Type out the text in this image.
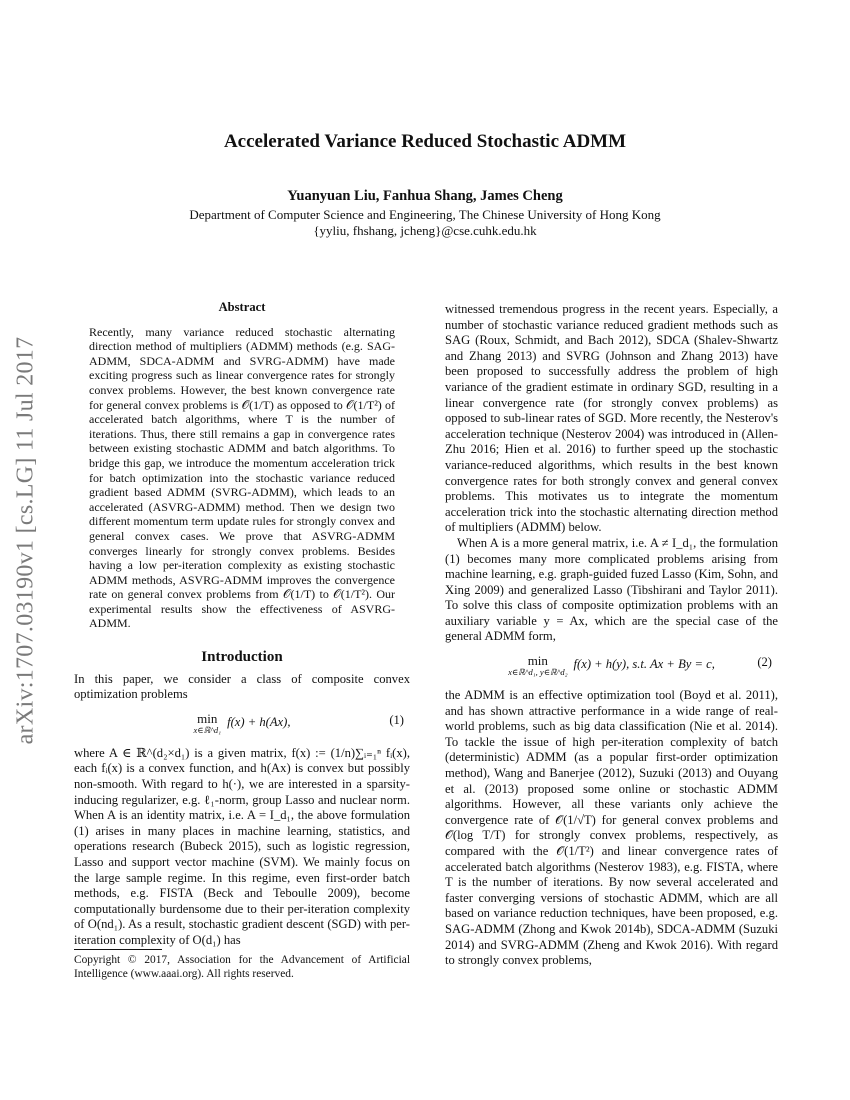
arXiv:1707.03190v1 [cs.LG] 11 Jul 2017
Accelerated Variance Reduced Stochastic ADMM
Yuanyuan Liu, Fanhua Shang, James Cheng
Department of Computer Science and Engineering, The Chinese University of Hong Kong
{yyliu, fhshang, jcheng}@cse.cuhk.edu.hk
Abstract

Recently, many variance reduced stochastic alternating direction method of multipliers (ADMM) methods (e.g. SAG-ADMM, SDCA-ADMM and SVRG-ADMM) have made exciting progress such as linear convergence rates for strongly convex problems. However, the best known convergence rate for general convex problems is 𝒪(1/T) as opposed to 𝒪(1/T²) of accelerated batch algorithms, where T is the number of iterations. Thus, there still remains a gap in convergence rates between existing stochastic ADMM and batch algorithms. To bridge this gap, we introduce the momentum acceleration trick for batch optimization into the stochastic variance reduced gradient based ADMM (SVRG-ADMM), which leads to an accelerated (ASVRG-ADMM) method. Then we design two different momentum term update rules for strongly convex and general convex cases. We prove that ASVRG-ADMM converges linearly for strongly convex problems. Besides having a low per-iteration complexity as existing stochastic ADMM methods, ASVRG-ADMM improves the convergence rate on general convex problems from 𝒪(1/T) to 𝒪(1/T²). Our experimental results show the effectiveness of ASVRG-ADMM.

Introduction

In this paper, we consider a class of composite convex optimization problems

min
x∈ℝ^d₁
f(x) + h(Ax),	(1)

where A ∈ ℝ^(d₂×d₁) is a given matrix, f(x) := (1/n)∑ᵢ₌₁ⁿ fᵢ(x), each fᵢ(x) is a convex function, and h(Ax) is convex but possibly non-smooth. With regard to h(·), we are interested in a sparsity-inducing regularizer, e.g. ℓ₁-norm, group Lasso and nuclear norm. When A is an identity matrix, i.e. A = I_d₁, the above formulation (1) arises in many places in machine learning, statistics, and operations research (Bubeck 2015), such as logistic regression, Lasso and support vector machine (SVM). We mainly focus on the large sample regime. In this regime, even first-order batch methods, e.g. FISTA (Beck and Teboulle 2009), become computationally burdensome due to their per-iteration complexity of O(nd₁). As a result, stochastic gradient descent (SGD) with per-iteration complexity of O(d₁) has

Copyright © 2017, Association for the Advancement of Artificial Intelligence (www.aaai.org). All rights reserved.

witnessed tremendous progress in the recent years. Especially, a number of stochastic variance reduced gradient methods such as SAG (Roux, Schmidt, and Bach 2012), SDCA (Shalev-Shwartz and Zhang 2013) and SVRG (Johnson and Zhang 2013) have been proposed to successfully address the problem of high variance of the gradient estimate in ordinary SGD, resulting in a linear convergence rate (for strongly convex problems) as opposed to sub-linear rates of SGD. More recently, the Nesterov's acceleration technique (Nesterov 2004) was introduced in (Allen-Zhu 2016; Hien et al. 2016) to further speed up the stochastic variance-reduced algorithms, which results in the best known convergence rates for both strongly convex and general convex problems. This motivates us to integrate the momentum acceleration trick into the stochastic alternating direction method of multipliers (ADMM) below.

When A is a more general matrix, i.e. A ≠ I_d₁, the formulation (1) becomes many more complicated problems arising from machine learning, e.g. graph-guided fuzed Lasso (Kim, Sohn, and Xing 2009) and generalized Lasso (Tibshirani and Taylor 2011). To solve this class of composite optimization problems with an auxiliary variable y = Ax, which are the special case of the general ADMM form,

min
x∈ℝ^d₁, y∈ℝ^d₂
f(x) + h(y), s.t. Ax + By = c,	(2)

the ADMM is an effective optimization tool (Boyd et al. 2011), and has shown attractive performance in a wide range of real-world problems, such as big data classification (Nie et al. 2014). To tackle the issue of high per-iteration complexity of batch (deterministic) ADMM (as a popular first-order optimization method), Wang and Banerjee (2012), Suzuki (2013) and Ouyang et al. (2013) proposed some online or stochastic ADMM algorithms. However, all these variants only achieve the convergence rate of 𝒪(1/√T) for general convex problems and 𝒪(log T/T) for strongly convex problems, respectively, as compared with the 𝒪(1/T²) and linear convergence rates of accelerated batch algorithms (Nesterov 1983), e.g. FISTA, where T is the number of iterations. By now several accelerated and faster converging versions of stochastic ADMM, which are all based on variance reduction techniques, have been proposed, e.g. SAG-ADMM (Zhong and Kwok 2014b), SDCA-ADMM (Suzuki 2014) and SVRG-ADMM (Zheng and Kwok 2016). With regard to strongly convex problems,
